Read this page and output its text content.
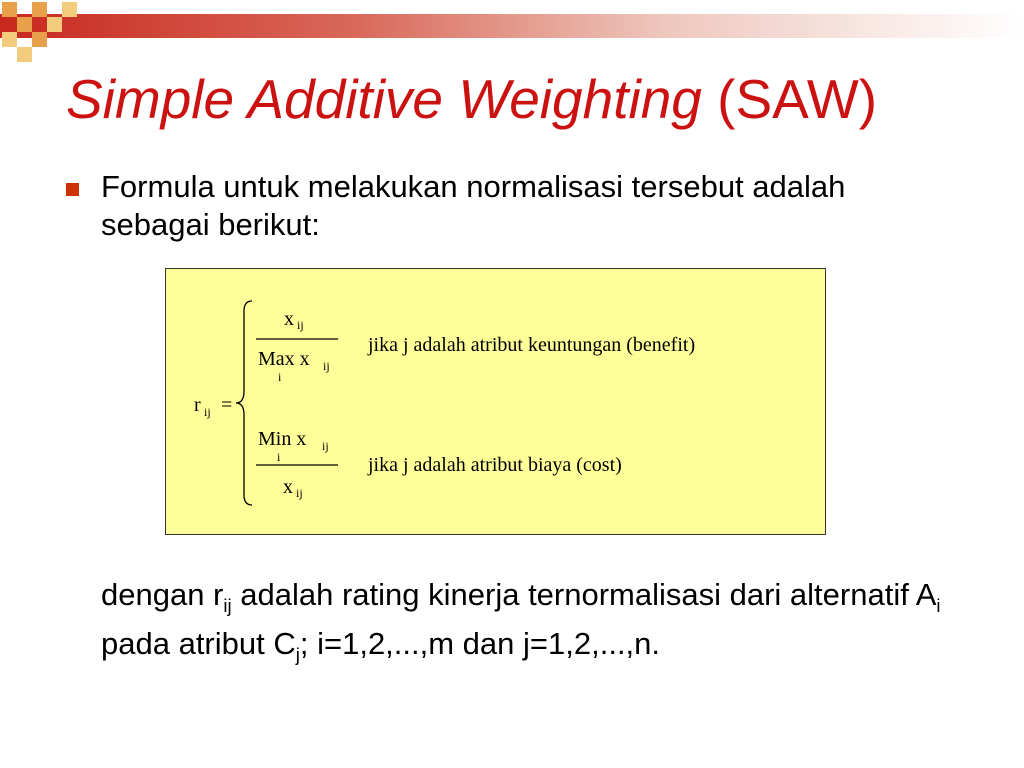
Simple Additive Weighting (SAW)
Formula untuk melakukan normalisasi tersebut adalah sebagai berikut:
r ij =
x ij
Max x ij
i
jika j adalah atribut keuntungan (benefit)
Min x ij
i
x ij
jika j adalah atribut biaya (cost)
dengan $r_{ij}$ adalah rating kinerja ternormalisasi dari alternatif $A_i$ pada atribut $C_j$; i=1,2,...,m dan j=1,2,...,n.
